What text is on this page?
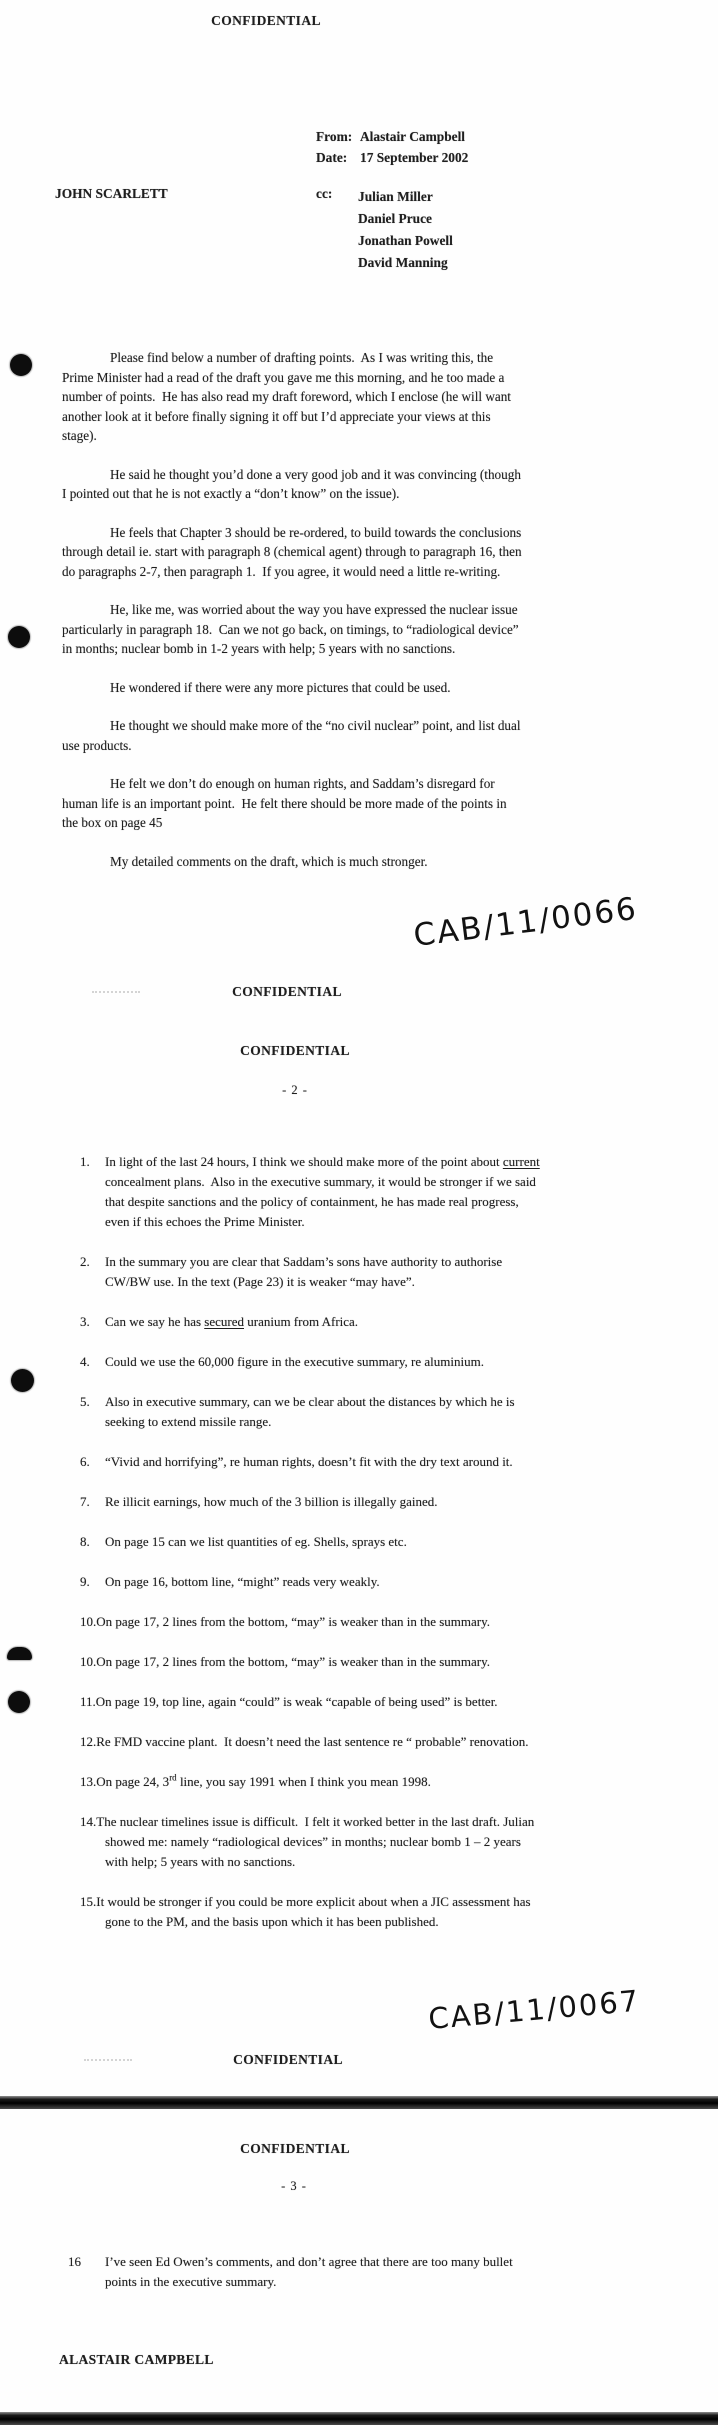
CONFIDENTIAL
From: Alastair Campbell
Date: 17 September 2002
JOHN SCARLETT	cc: Julian Miller
Daniel Pruce
Jonathan Powell
David Manning

Please find below a number of drafting points.  As I was writing this, the Prime Minister had a read of the draft you gave me this morning, and he too made a number of points.  He has also read my draft foreword, which I enclose (he will want another look at it before finally signing it off but I’d appreciate your views at this stage).

He said he thought you’d done a very good job and it was convincing (though I pointed out that he is not exactly a “don’t know” on the issue).

He feels that Chapter 3 should be re-ordered, to build towards the conclusions through detail ie. start with paragraph 8 (chemical agent) through to paragraph 16, then do paragraphs 2-7, then paragraph 1.  If you agree, it would need a little re-writing.

He, like me, was worried about the way you have expressed the nuclear issue particularly in paragraph 18.  Can we not go back, on timings, to “radiological device” in months; nuclear bomb in 1-2 years with help; 5 years with no sanctions.

He wondered if there were any more pictures that could be used.

He thought we should make more of the “no civil nuclear” point, and list dual use products.

He felt we don’t do enough on human rights, and Saddam’s disregard for human life is an important point.  He felt there should be more made of the points in the box on page 45

My detailed comments on the draft, which is much stronger.

CAB/11/0066
CONFIDENTIAL
CONFIDENTIAL
- 2 -
1. In light of the last 24 hours, I think we should make more of the point about current concealment plans.  Also in the executive summary, it would be stronger if we said that despite sanctions and the policy of containment, he has made real progress, even if this echoes the Prime Minister.
2. In the summary you are clear that Saddam’s sons have authority to authorise CW/BW use. In the text (Page 23) it is weaker “may have”.
3. Can we say he has secured uranium from Africa.
4. Could we use the 60,000 figure in the executive summary, re aluminium.
5. Also in executive summary, can we be clear about the distances by which he is seeking to extend missile range.
6. “Vivid and horrifying”, re human rights, doesn’t fit with the dry text around it.
7. Re illicit earnings, how much of the 3 billion is illegally gained.
8. On page 15 can we list quantities of eg. Shells, sprays etc.
9. On page 16, bottom line, “might” reads very weakly.
10.On page 17, 2 lines from the bottom, “may” is weaker than in the summary.
10.On page 17, 2 lines from the bottom, “may” is weaker than in the summary.
11.On page 19, top line, again “could” is weak “capable of being used” is better.
12.Re FMD vaccine plant.  It doesn’t need the last sentence re “ probable” renovation.
13.On page 24, 3rd line, you say 1991 when I think you mean 1998.
14.The nuclear timelines issue is difficult.  I felt it worked better in the last draft. Julian showed me: namely “radiological devices” in months; nuclear bomb 1 – 2 years with help; 5 years with no sanctions.
15.It would be stronger if you could be more explicit about when a JIC assessment has gone to the PM, and the basis upon which it has been published.
CAB/11/0067
CONFIDENTIAL
CONFIDENTIAL
- 3 -
16 I’ve seen Ed Owen’s comments, and don’t agree that there are too many bullet points in the executive summary.
ALASTAIR CAMPBELL
